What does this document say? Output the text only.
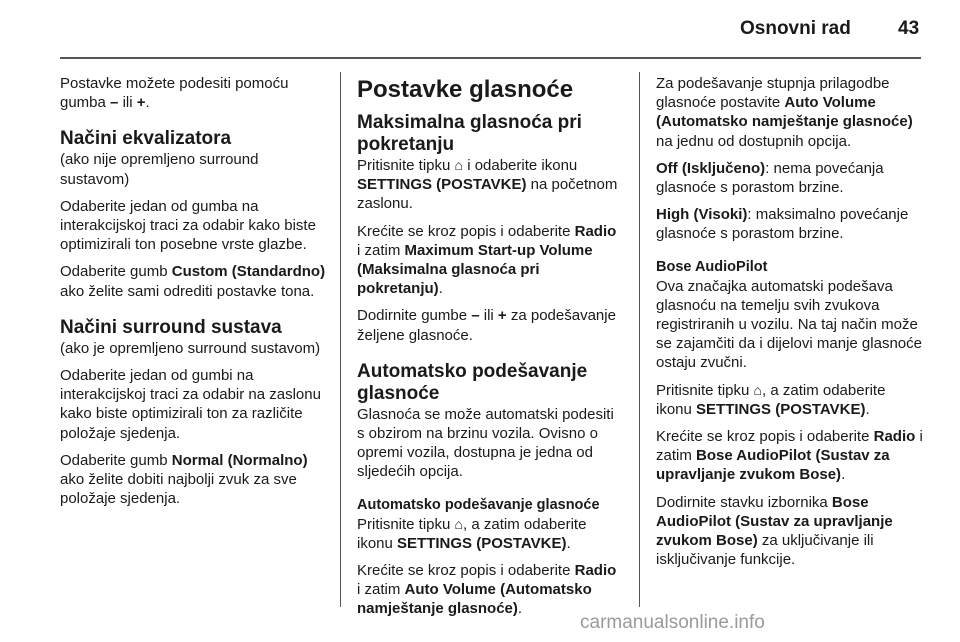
Osnovni rad 43

Postavke možete podesiti pomoću gumba – ili +.

Načini ekvalizatora

(ako nije opremljeno surround sustavom)

Odaberite jedan od gumba na interakcijskoj traci za odabir kako biste optimizirali ton posebne vrste glazbe.

Odaberite gumb Custom (Standardno) ako želite sami odrediti postavke tona.

Načini surround sustava

(ako je opremljeno surround sustavom)

Odaberite jedan od gumbi na interakcijskoj traci za odabir na zaslonu kako biste optimizirali ton za različite položaje sjedenja.

Odaberite gumb Normal (Normalno) ako želite dobiti najbolji zvuk za sve položaje sjedenja.

Postavke glasnoće
Maksimalna glasnoća pri pokretanju

Pritisnite tipku ⌂ i odaberite ikonu SETTINGS (POSTAVKE) na početnom zaslonu.

Krećite se kroz popis i odaberite Radio i zatim Maximum Start-up Volume (Maksimalna glasnoća pri pokretanju).

Dodirnite gumbe – ili + za podešavanje željene glasnoće.

Automatsko podešavanje glasnoće

Glasnoća se može automatski podesiti s obzirom na brzinu vozila. Ovisno o opremi vozila, dostupna je jedna od sljedećih opcija.

Automatsko podešavanje glasnoće

Pritisnite tipku ⌂, a zatim odaberite ikonu SETTINGS (POSTAVKE).

Krećite se kroz popis i odaberite Radio i zatim Auto Volume (Automatsko namještanje glasnoće).

Za podešavanje stupnja prilagodbe glasnoće postavite Auto Volume (Automatsko namještanje glasnoće) na jednu od dostupnih opcija.

Off (Isključeno): nema povećanja glasnoće s porastom brzine.

High (Visoki): maksimalno povećanje glasnoće s porastom brzine.

Bose AudioPilot

Ova značajka automatski podešava glasnoću na temelju svih zvukova registriranih u vozilu. Na taj način može se zajamčiti da i dijelovi manje glasnoće ostaju zvučni.

Pritisnite tipku ⌂, a zatim odaberite ikonu SETTINGS (POSTAVKE).

Krećite se kroz popis i odaberite Radio i zatim Bose AudioPilot (Sustav za upravljanje zvukom Bose).

Dodirnite stavku izbornika Bose AudioPilot (Sustav za upravljanje zvukom Bose) za uključivanje ili isključivanje funkcije.

carmanualsonline.info
